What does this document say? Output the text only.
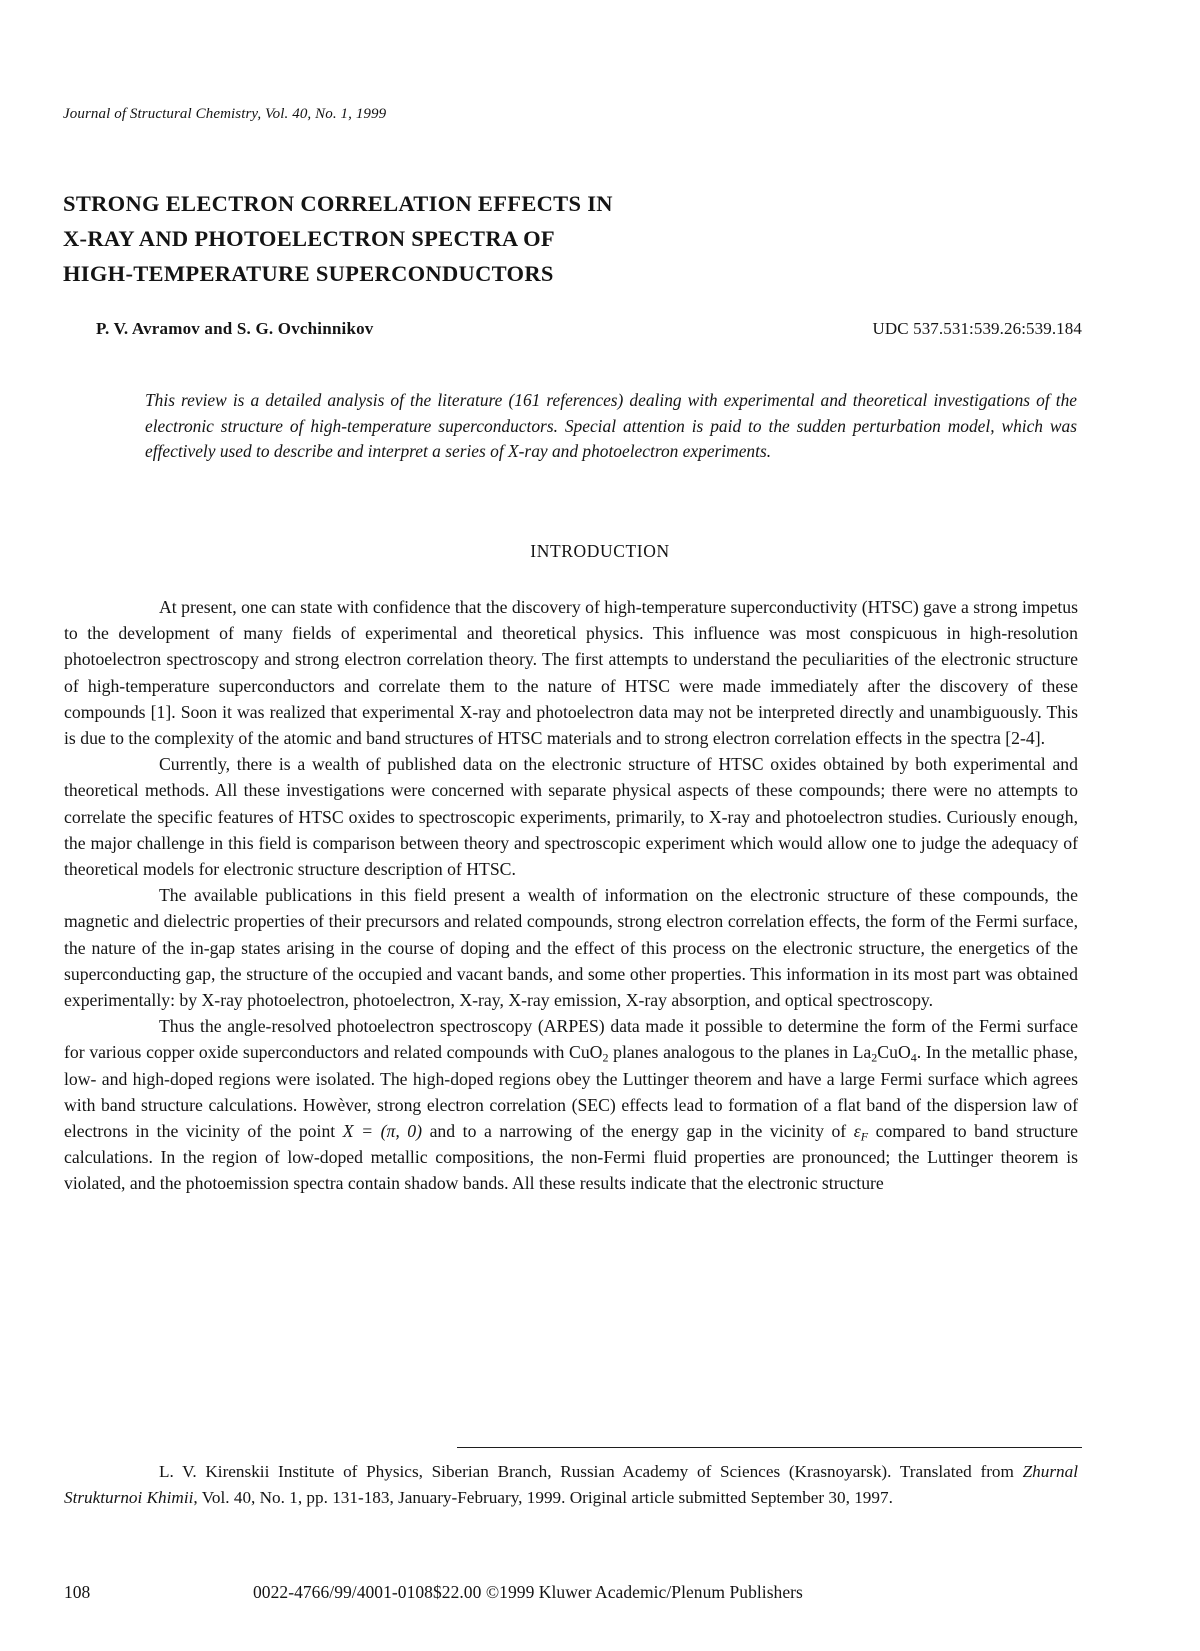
Journal of Structural Chemistry, Vol. 40, No. 1, 1999
STRONG ELECTRON CORRELATION EFFECTS IN
X-RAY AND PHOTOELECTRON SPECTRA OF
HIGH-TEMPERATURE SUPERCONDUCTORS
P. V. Avramov and S. G. Ovchinnikov	UDC 537.531:539.26:539.184
This review is a detailed analysis of the literature (161 references) dealing with experimental and theoretical investigations of the electronic structure of high-temperature superconductors. Special attention is paid to the sudden perturbation model, which was effectively used to describe and interpret a series of X-ray and photoelectron experiments.
INTRODUCTION

At present, one can state with confidence that the discovery of high-temperature superconductivity (HTSC) gave a strong impetus to the development of many fields of experimental and theoretical physics. This influence was most conspicuous in high-resolution photoelectron spectroscopy and strong electron correlation theory. The first attempts to understand the peculiarities of the electronic structure of high-temperature superconductors and correlate them to the nature of HTSC were made immediately after the discovery of these compounds [1]. Soon it was realized that experimental X-ray and photoelectron data may not be interpreted directly and unambiguously. This is due to the complexity of the atomic and band structures of HTSC materials and to strong electron correlation effects in the spectra [2-4].

Currently, there is a wealth of published data on the electronic structure of HTSC oxides obtained by both experimental and theoretical methods. All these investigations were concerned with separate physical aspects of these compounds; there were no attempts to correlate the specific features of HTSC oxides to spectroscopic experiments, primarily, to X-ray and photoelectron studies. Curiously enough, the major challenge in this field is comparison between theory and spectroscopic experiment which would allow one to judge the adequacy of theoretical models for electronic structure description of HTSC.

The available publications in this field present a wealth of information on the electronic structure of these compounds, the magnetic and dielectric properties of their precursors and related compounds, strong electron correlation effects, the form of the Fermi surface, the nature of the in-gap states arising in the course of doping and the effect of this process on the electronic structure, the energetics of the superconducting gap, the structure of the occupied and vacant bands, and some other properties. This information in its most part was obtained experimentally: by X-ray photoelectron, photoelectron, X-ray, X-ray emission, X-ray absorption, and optical spectroscopy.

Thus the angle-resolved photoelectron spectroscopy (ARPES) data made it possible to determine the form of the Fermi surface for various copper oxide superconductors and related compounds with CuO$_2$ planes analogous to the planes in $La_2CuO_4$. In the metallic phase, low- and high-doped regions were isolated. The high-doped regions obey the Luttinger theorem and have a large Fermi surface which agrees with band structure calculations. Howèver, strong electron correlation (SEC) effects lead to formation of a flat band of the dispersion law of electrons in the vicinity of the point X = (π, 0) and to a narrowing of the energy gap in the vicinity of $\varepsilon_F$ compared to band structure calculations. In the region of low-doped metallic compositions, the non-Fermi fluid properties are pronounced; the Luttinger theorem is violated, and the photoemission spectra contain shadow bands. All these results indicate that the electronic structure

L. V. Kirenskii Institute of Physics, Siberian Branch, Russian Academy of Sciences (Krasnoyarsk). Translated from Zhurnal Strukturnoi Khimii, Vol. 40, No. 1, pp. 131-183, January-February, 1999. Original article submitted September 30, 1997.

108	0022-4766/99/4001-0108$22.00 ©1999 Kluwer Academic/Plenum Publishers
